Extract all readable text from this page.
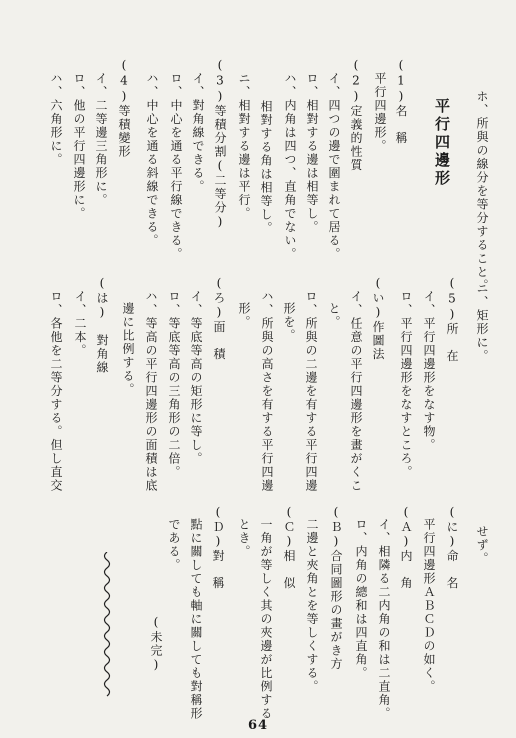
ホ、所與の線分を等分すること。
平行四邊形
(1)名　稱
平行四邊形。
(2)定義的性質
イ、四つの邊で圍まれて居る。
ロ、相對する邊は相等し。
ハ、内角は四つ、直角でない。
相對する角は相等し。
ニ、相對する邊は平行。
(3)等積分割(二等分)
イ、對角線できる。
ロ、中心を通る平行線できる。
ハ、中心を通る斜線できる。
(4)等積變形
イ、二等邊三角形に。
ロ、他の平行四邊形に。
ハ、六角形に。
ニ、矩形に。
(5)所　在
イ、平行四邊形をなす物。
ロ、平行四邊形をなすところ。
(い)作圖法
イ、任意の平行四邊形を畫がくこ
と。
ロ、所與の二邊を有する平行四邊
形を。
ハ、所與の高さを有する平行四邊
形。
(ろ)面　積
イ、等底等高の矩形に等し。
ロ、等底等高の三角形の二倍。
ハ、等高の平行四邊形の面積は底
邊に比例する。
(は)　對角線
イ、二本。
ロ、各他を二等分する。但し直交
せず。
(に)命　名
平行四邊形ＡＢＣＤの如く。
(Ａ)内　角
イ、相隣る二内角の和は二直角。
ロ、内角の總和は四直角。
(Ｂ)合同圖形の畫がき方
二邊と夾角とを等しくする。
(Ｃ)相　似
一角が等しく其の夾邊が比例する
とき。
(Ｄ)對　稱
點に關しても軸に關しても對稱形
である。
(未完)
64
